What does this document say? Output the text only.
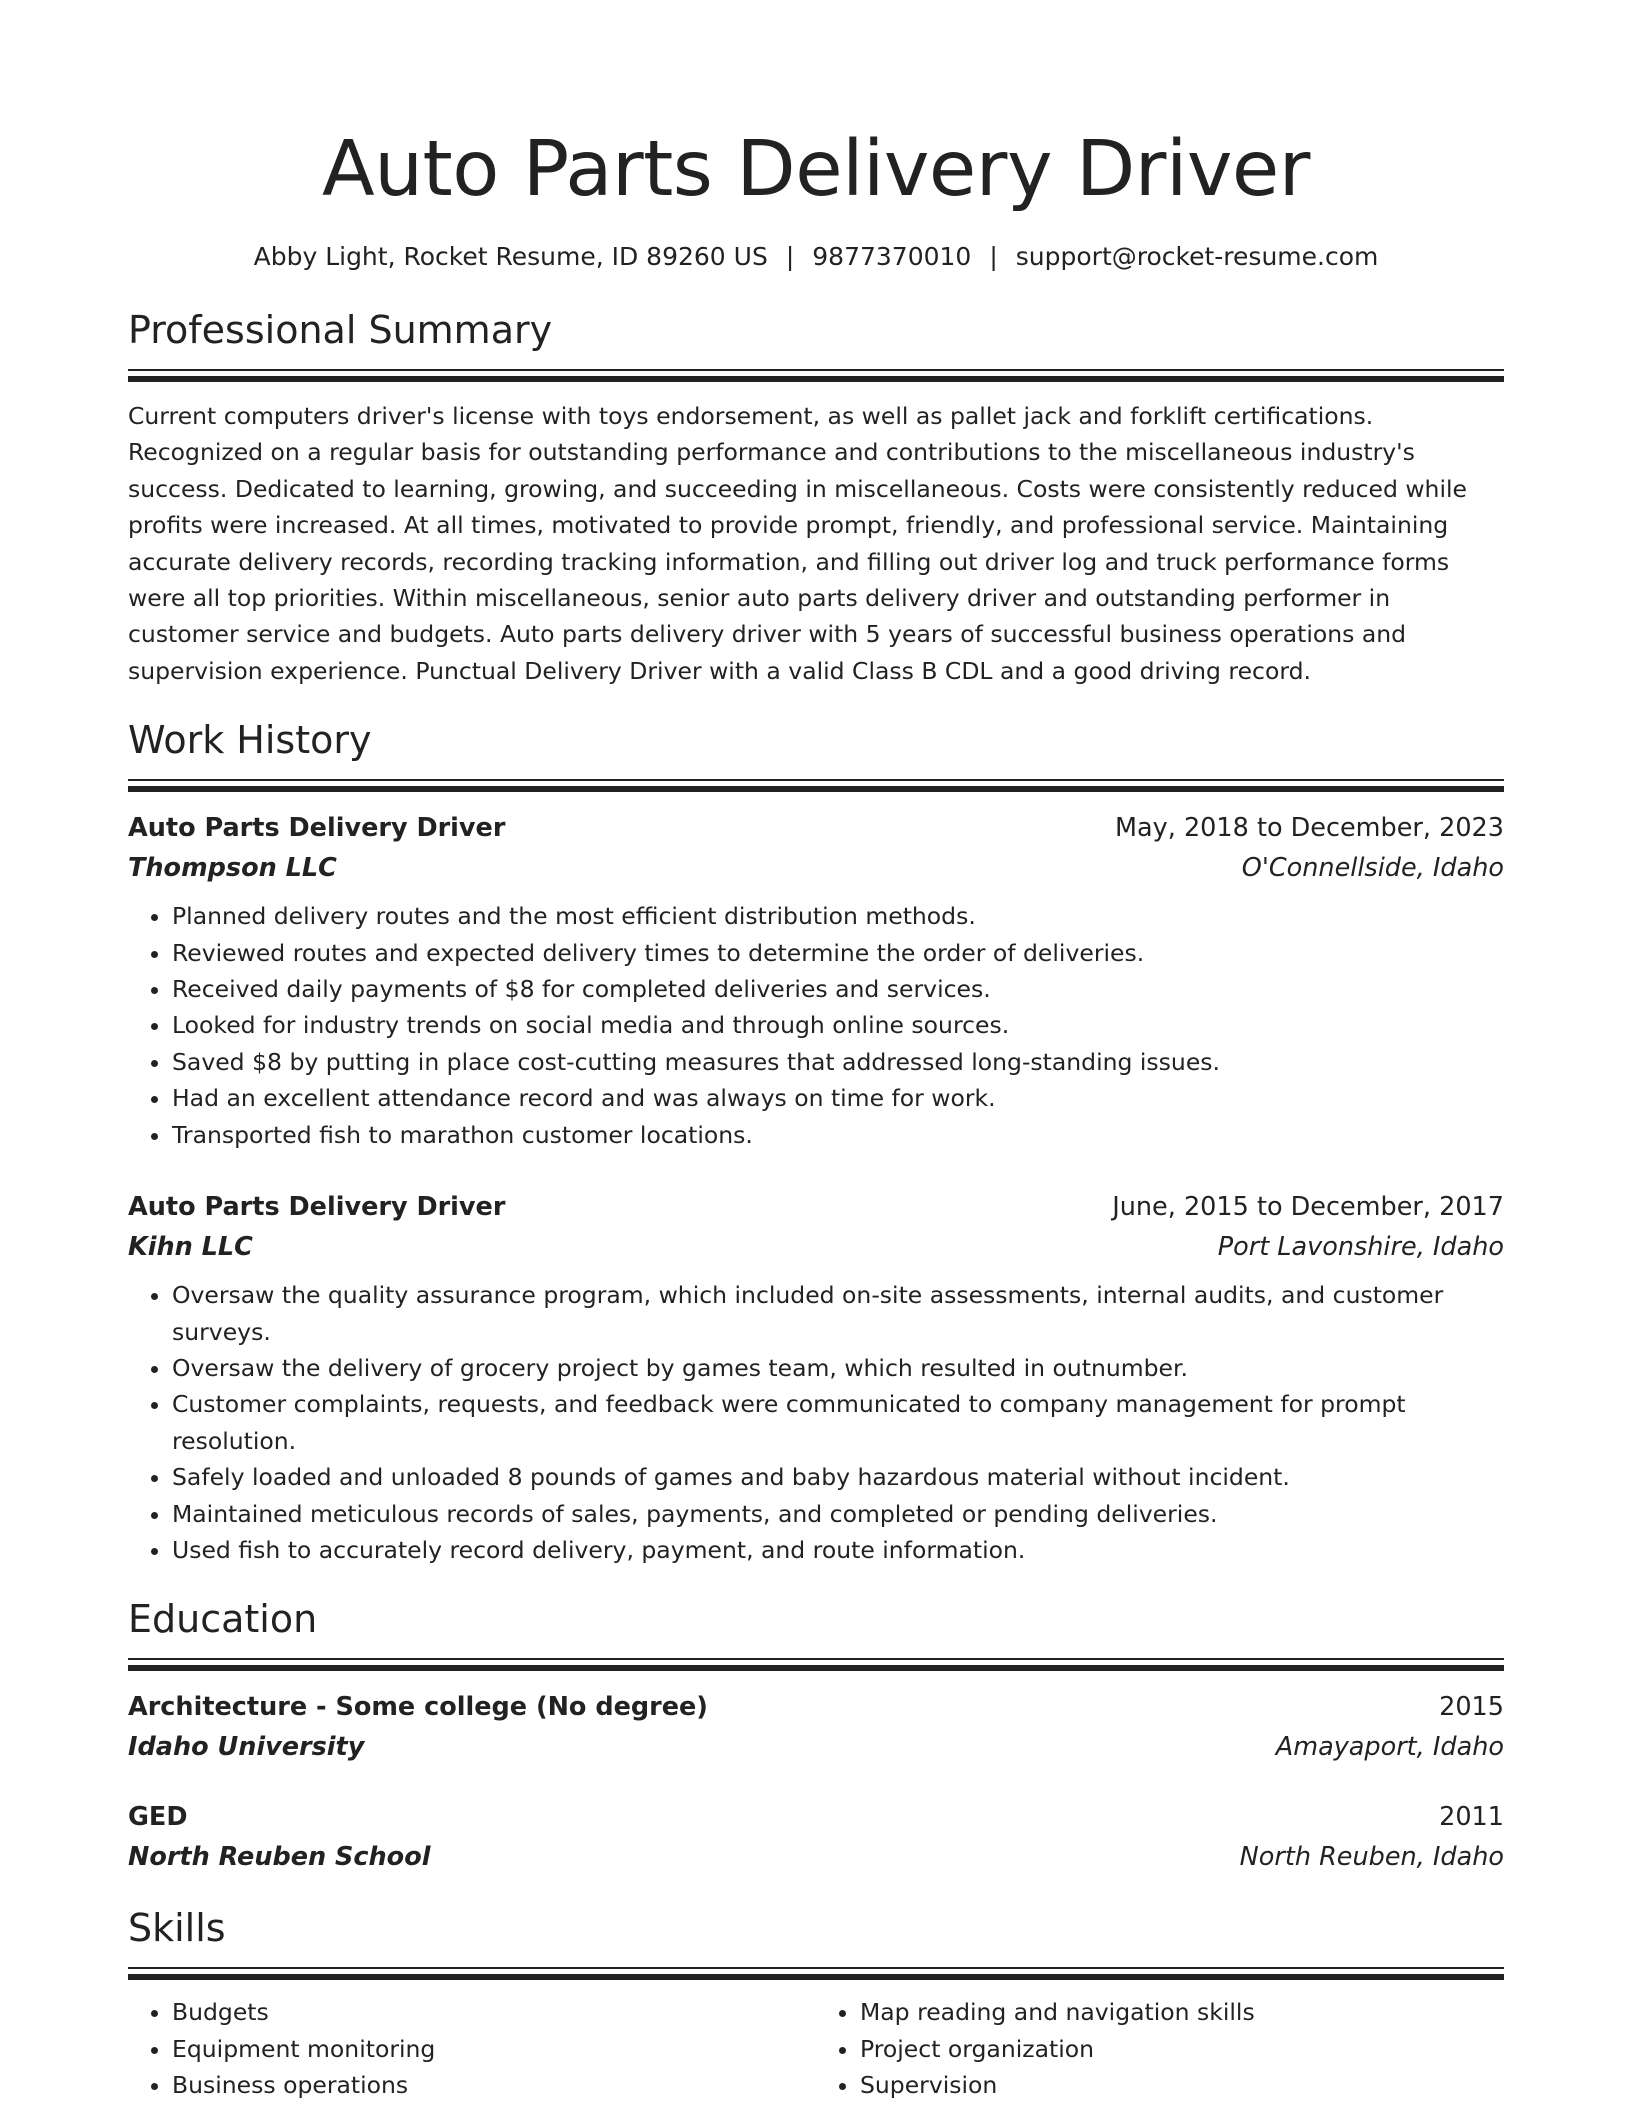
Auto Parts Delivery Driver
Abby Light, Rocket Resume, ID 89260 US | 9877370010 | support@rocket-resume.com
Professional Summary
Current computers driver's license with toys endorsement, as well as pallet jack and forklift certifications. Recognized on a regular basis for outstanding performance and contributions to the miscellaneous industry's success. Dedicated to learning, growing, and succeeding in miscellaneous. Costs were consistently reduced while profits were increased. At all times, motivated to provide prompt, friendly, and professional service. Maintaining accurate delivery records, recording tracking information, and filling out driver log and truck performance forms were all top priorities. Within miscellaneous, senior auto parts delivery driver and outstanding performer in customer service and budgets. Auto parts delivery driver with 5 years of successful business operations and supervision experience. Punctual Delivery Driver with a valid Class B CDL and a good driving record.
Work History
Auto Parts Delivery Driver	May, 2018 to December, 2023
Thompson LLC	O'Connellside, Idaho
• Planned delivery routes and the most efficient distribution methods.
• Reviewed routes and expected delivery times to determine the order of deliveries.
• Received daily payments of $8 for completed deliveries and services.
• Looked for industry trends on social media and through online sources.
• Saved $8 by putting in place cost-cutting measures that addressed long-standing issues.
• Had an excellent attendance record and was always on time for work.
• Transported fish to marathon customer locations.
Auto Parts Delivery Driver	June, 2015 to December, 2017
Kihn LLC	Port Lavonshire, Idaho
• Oversaw the quality assurance program, which included on-site assessments, internal audits, and customer surveys.
• Oversaw the delivery of grocery project by games team, which resulted in outnumber.
• Customer complaints, requests, and feedback were communicated to company management for prompt resolution.
• Safely loaded and unloaded 8 pounds of games and baby hazardous material without incident.
• Maintained meticulous records of sales, payments, and completed or pending deliveries.
• Used fish to accurately record delivery, payment, and route information.
Education
Architecture - Some college (No degree)	2015
Idaho University	Amayaport, Idaho
GED	2011
North Reuben School	North Reuben, Idaho
Skills
• Budgets
• Equipment monitoring
• Business operations
• Map reading and navigation skills
• Project organization
• Supervision
